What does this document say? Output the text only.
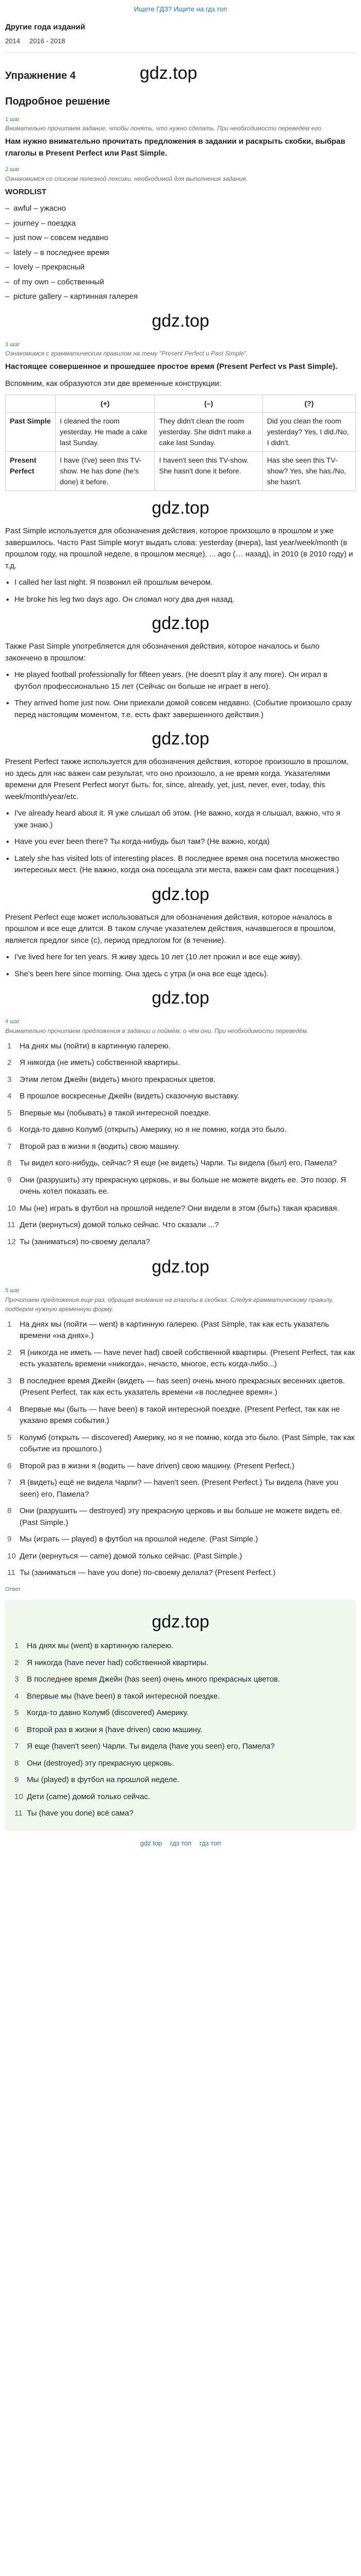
Ищете ГДЗ? Ищите на гдз.топ
Другие года изданий
2014 2016 - 2018
Упражнение 4	gdz.top
Подробное решение
1 шаг
Внимательно прочитаем задание, чтобы понять, что нужно сделать. При необходимости переведём его.
Нам нужно внимательно прочитать предложения в задании и раскрыть скобки, выбрав глаголы в Present Perfect или Past Simple.
2 шаг
Ознакомимся со списком полезной лексики, необходимой для выполнения задания.
WORDLIST
– awful – ужасно
– journey – поездка
– just now – совсем недавно
– lately – в последнее время
– lovely – прекрасный
– of my own – собственный
– picture gallery – картинная галерея
gdz.top
3 шаг
Ознакомимся с грамматическим правилом на тему "Present Perfect и Past Simple".
Настоящее совершенное и прошедшее простое время (Present Perfect vs Past Simple).
Вспомним, как образуются эти две временные конструкции:
	(+)	(–)	(?)
Past Simple	I cleaned the room yesterday. He made a cake last Sunday.	They didn't clean the room yesterday. She didn't make a cake last Sunday.	Did you clean the room yesterday? Yes, I did./No, I didn't.
Present Perfect	I have (I've) seen this TV-show. He has done (he's done) it before.	I haven't seen this TV-show. She hasn't done it before.	Has she seen this TV-show? Yes, she has./No, she hasn't.
gdz.top
Past Simple используется для обозначения действия, которое произошло в прошлом и уже завершилось. Часто Past Simple могут выдать слова: yesterday (вчера), last year/week/month (в прошлом году, на прошлой неделе, в прошлом месяце), ... ago (… назад), in 2010 (в 2010 году) и т.д.
• I called her last night. Я позвонил ей прошлым вечером.
• He broke his leg two days ago. Он сломал ногу два дня назад.
gdz.top
Также Past Simple употребляется для обозначения действия, которое началось и было закончено в прошлом:
• He played football professionally for fifteen years. (He doesn't play it any more). Он играл в футбол профессионально 15 лет (Сейчас он больше не играет в него).
• They arrived home just now. Они приехали домой совсем недавно. (Событие произошло сразу перед настоящим моментом, т.е. есть факт завершенного действия.)
gdz.top
Present Perfect также используется для обозначения действия, которое произошло в прошлом, но здесь для нас важен сам результат, что оно произошло, а не время когда. Указателями времени для Present Perfect могут быть: for, since, already, yet, just, never, ever, today, this week/month/year/etc.
• I've already heard about it. Я уже слышал об этом. (Не важно, когда я слышал, важно, что я уже знаю.)
• Have you ever been there? Ты когда-нибудь был там? (Не важно, когда)
• Lately she has visited lots of interesting places. В последнее время она посетила множество интересных мест. (Не важно, когда она посещала эти места, важен сам факт посещения.)
gdz.top
Present Perfect еще может использоваться для обозначения действия, которое началось в прошлом и все еще длится. В таком случае указателем действия, начавшегося в прошлом, является предлог since (с), период предлогом for (в течение).
• I've lived here for ten years. Я живу здесь 10 лет (10 лет прожил и все еще живу).
• She's been here since morning. Она здесь с утра (и она все еще здесь).
gdz.top
4 шаг
Внимательно прочитаем предложения в задании и поймём, о чём они. При необходимости переведём.
1 На днях мы (пойти) в картинную галерею.
2 Я никогда (не иметь) собственной квартиры.
3 Этим летом Джейн (видеть) много прекрасных цветов.
4 В прошлое воскресенье Джейн (видеть) сказочную выставку.
5 Впервые мы (побывать) в такой интересной поездке.
6 Когда-то давно Колумб (открыть) Америку, но я не помню, когда это было.
7 Второй раз в жизни я (водить) свою машину.
8 Ты видел кого-нибудь, сейчас? Я еще (не видеть) Чарли. Ты видела (был) его, Памела?
9 Они (разрушить) эту прекрасную церковь, и вы больше не можете видеть ее. Это позор. Я очень хотел показать ее.
10 Мы (не) играть в футбол на прошлой неделе? Они видели в этом (быть) такая красивая.
11 Дети (вернуться) домой только сейчас. Что сказали ...?
12 Ты (заниматься) по-своему делала?
gdz.top
5 шаг
Прочитаем предложения еще раз, обращая внимание на глаголы в скобках. Следуя грамматическому правилу, подберем нужную временную форму.
1 На днях мы (пойти — went) в картинную галерею. (Past Simple, так как есть указатель времени «на днях».)
2 Я (никогда не иметь — have never had) своей собственной квартиры. (Present Perfect, так как есть указатель времени «никогда», нечасто, многое, есть когда-либо...)
3 В последнее время Джейн (видеть — has seen) очень много прекрасных весенних цветов. (Present Perfect, так как есть указатель времени «в последнее время».)
4 Впервые мы (быть — have been) в такой интересной поездке. (Present Perfect, так как не указано время события.)
5 Колумб (открыть — discovered) Америку, но я не помню, когда это было. (Past Simple, так как событие из прошлого.)
6 Второй раз в жизни я (водить — have driven) свою машину. (Present Perfect.)
7 Я (видеть) ещё не видела Чарли? — haven't seen. (Present Perfect.) Ты видела (have you seen) его, Памела?
8 Они (разрушить — destroyed) эту прекрасную церковь и вы больше не можете видеть её. (Past Simple.)
9 Мы (играть — played) в футбол на прошлой неделе. (Past Simple.)
10 Дети (вернуться — came) домой только сейчас. (Past Simple.)
11 Ты (заниматься — have you done) по-своему делала? (Present Perfect.)
Ответ
gdz.top
1 На днях мы (went) в картинную галерею.
2 Я никогда (have never had) собственной квартиры.
3 В последнее время Джейн (has seen) очень много прекрасных цветов.
4 Впервые мы (have been) в такой интересной поездке.
5 Когда-то давно Колумб (discovered) Америку.
6 Второй раз в жизни я (have driven) свою машину.
7 Я еще (haven't seen) Чарли. Ты видела (have you seen) его, Памела?
8 Они (destroyed) эту прекрасную церковь.
9 Мы (played) в футбол на прошлой неделе.
10 Дети (came) домой только сейчас.
11 Ты (have you done) всё сама?
gdz top гдз топ гдз топ
